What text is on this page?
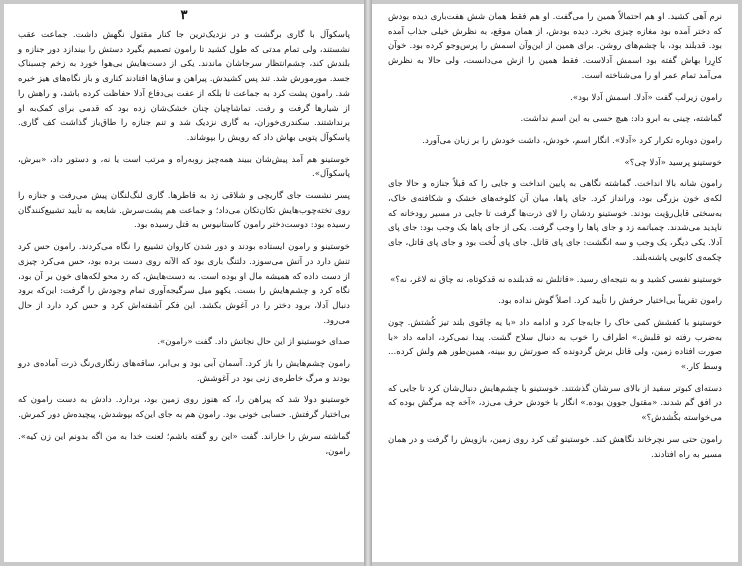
۳

پاسکوآل با گاری برگشت و در نزدیک‌ترین جا کنار مقتول نگهش داشت. جماعت عقب نشستند، ولی تمام مدتی که طول کشید تا رامون تصمیم بگیرد دستش را بیندازد دور جنازه و بلندش کند، چشم‌انتظار سرجاشان ماندند. یکی از دست‌هایش بی‌هوا خورد به زخم چسبناک جسد. مورمورش شد. تند پس کشیدش. پیراهن و ساق‌ها افتادند کناری و باز نگاه‌های هیز خیره شد. رامون پشت کرد به جماعت تا بلکه از عفت بی‌دفاع آدلا حفاظت کرده باشد، و راهش را از شیارها گرفت و رفت. تماشاچیان چنان خشک‌شان زده بود که قدمی برای کمک‌به او برنداشتند. سکندری‌خوران، به گاری نزدیک شد و تنم جنازه را طاق‌باز گذاشت کف گاری. پاسکوآل پتویی بهاش داد که رویش را بپوشاند.

خوستینو هم آمد پیش‌شان ببیند همه‌چیز روبه‌راه و مرتب است یا نه، و دستور داد، «ببرش، پاسکوآل».

پسر نشست جای گاریچی و شلاقی زد به قاطرها. گاری لنگ‌لنگان پیش می‌رفت و جنازه را روی تخته‌چوب‌هایش تکان‌تکان می‌داد؛ و جماعت هم پشت‌سرش. شایعه به تأیید تشییع‌کنندگان رسیده بود: دوست‌دختر رامون کاستانیوس به قتل رسیده بود.

خوستینو و رامون ایستاده بودند و دور شدن کاروان تشییع را نگاه می‌کردند. رامون حس کرد تنش دارد در آتش می‌سوزد. دلتنگ باری بود که الآنه روی دست برده بود، حس می‌کرد چیزی از دست داده که همیشه مال او بوده است. به دست‌هایش، که رد محو لکه‌های خون بر آن بود، نگاه کرد و چشم‌هایش را بست. یکهو میل سرگیجه‌آوری تمام وجودش را گرفت: این‌که برود دنبال آدلا، برود دختر را در آغوش بکشد. این فکر آشفته‌اش کرد و حس کرد دارد از حال می‌رود.

صدای خوستینو از این حال نجاتش داد. گفت «رامون».

رامون چشم‌هایش را باز کرد. آسمان آبی بود و بی‌ابر، ساقه‌های زنگاری‌رنگ ذرت آماده‌ی درو بودند و مرگ خاطره‌ی زنی بود در آغوشش.

خوستینو دولا شد که پیراهن را، که هنوز روی زمین بود، بردارد. دادش به دست رامون که بی‌اختیار گرفتش. حسابی خونی بود. رامون هم به جای این‌که بپوشدش، پیچیده‌ش دور کمرش.

گماشته سرش را خاراند. گفت «این رو گفته باشم؛ لعنت خدا به من اگه بدونم این زن کیه». رامون،

نرم آهی کشید. او هم احتمالاً همین را می‌گفت. او هم فقط همان شش هفت‌باری دیده بودش که دختر آمده بود مغازه چیزی بخرد. دیده بودش، از همان موقع، به نظرش خیلی جذاب آمده بود. قدبلند بود، با چشم‌های روشن. برای همین از این‌وآن اسمش را پرس‌وجو کرده بود. خوآن کارِرا بهاش گفته بود اسمش آدلاست. فقط همین را ازش می‌دانست، ولی حالا به نظرش می‌آمد تمام عمر او را می‌شناخته است.

رامون زیرلب گفت «آدلا. اسمش آدلا بود».

گماشته، چینی به ابرو داد: هیچ حسی به این اسم نداشت.

رامون دوباره تکرار کرد «آدلا». انگار اسم، خودش، داشت خودش را بر زبان می‌آورد.

خوستینو پرسید «آدلا چی؟»

رامون شانه بالا انداخت. گماشته نگاهی به پایین انداخت و جایی را که قبلاً جنازه و حالا جای لکه‌ی خون بزرگی بود، ورانداز کرد. جای پاها، میان آن کلوخه‌های خشک و شکافته‌ی خاک، به‌سختی قابل‌رؤیت بودند. خوستینو ردشان را لای ذرت‌ها گرفت تا جایی در مسیر رودخانه که ناپدید می‌شدند. چمباتمه زد و جای پاها را وجب گرفت. یکی از جای پاها یک وجب بود: جای پای آدلا. یکی دیگر، یک وجب و سه انگشت: جای پای قاتل. جای پای لُخت بود و جای پای قاتل، جای چکمه‌ی کابویی پاشنه‌بلند.

خوستینو نفسی کشید و به نتیجه‌ای رسید. «قاتلش نه قدبلنده نه قدکوتاه، نه چاق نه لاغر، نه؟»

رامون تقریباً بی‌اختیار حرفش را تأیید کرد. اصلاً گوش نداده بود.

خوستینو با کفشش کمی خاک را جابه‌جا کرد و ادامه داد «با یه چاقوی بلند تیز کُشتش. چون به‌ضرب رفته تو قلبش.» اطراف را خوب به دنبال سلاح گشت. پیدا نمی‌کرد، ادامه داد «با صورت افتاده زمین، ولی قاتل برش گردونده که صورتش رو ببینه، همین‌طور هم ولش کرده... وسط کار.»

دسته‌ای کبوتر سفید از بالای سرشان گذشتند. خوستینو با چشم‌هایش دنبال‌شان کرد تا جایی که در افق گم شدند. «مقتول جوون بوده.» انگار با خودش حرف می‌زد، «آخه چه مرگش بوده که می‌خواسته بکُشدش؟»

رامون حتی سر نچرخاند نگاهش کند. خوستینو تُف کرد روی زمین، بازویش را گرفت و در همان مسیر به راه افتادند.
